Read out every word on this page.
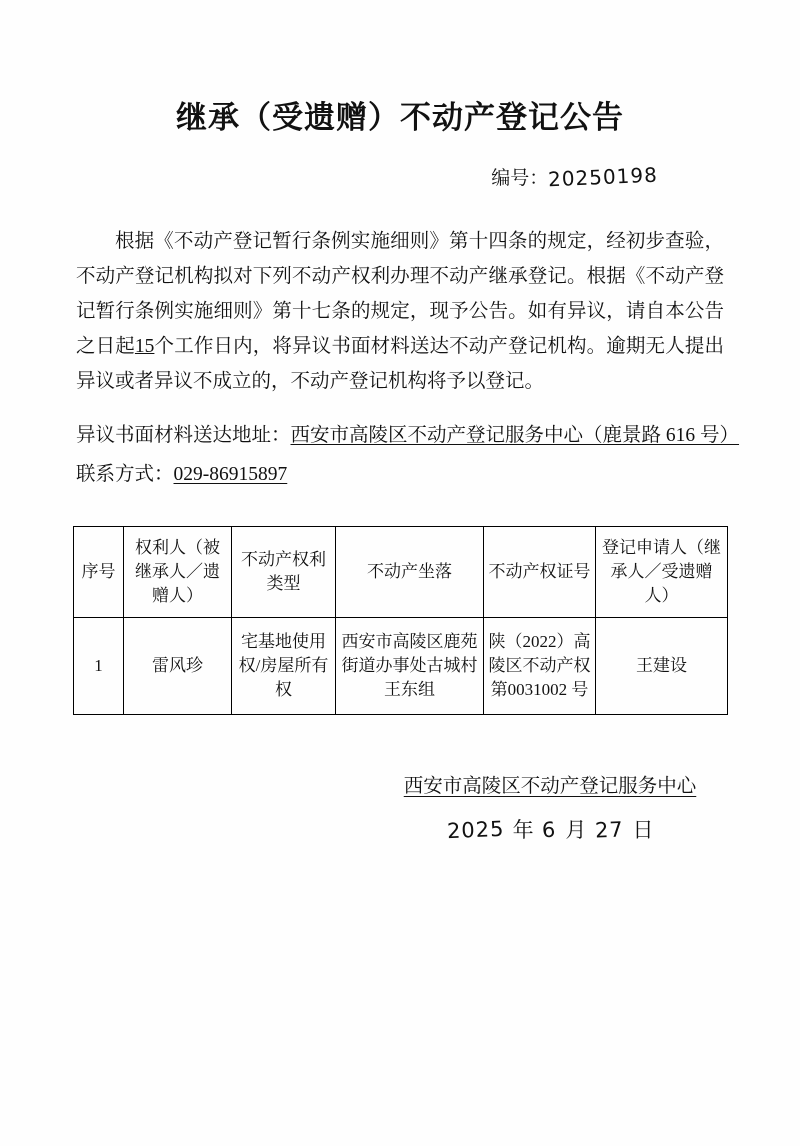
继承（受遗赠）不动产登记公告
编号：20250198

根据《不动产登记暂行条例实施细则》第十四条的规定，经初步查验，不动产登记机构拟对下列不动产权利办理不动产继承登记。根据《不动产登记暂行条例实施细则》第十七条的规定，现予公告。如有异议，请自本公告之日起15个工作日内，将异议书面材料送达不动产登记机构。逾期无人提出异议或者异议不成立的，不动产登记机构将予以登记。

异议书面材料送达地址：西安市高陵区不动产登记服务中心（鹿景路 616 号）
联系方式：029-86915897
序号	权利人（被继承人／遗赠人）	不动产权利类型	不动产坐落	不动产权证号	登记申请人（继承人／受遗赠人）
1	雷风珍	宅基地使用权/房屋所有权	西安市高陵区鹿苑街道办事处古城村王东组	陕（2022）高陵区不动产权第0031002 号	王建设
西安市高陵区不动产登记服务中心
2025 年 6 月 27 日
